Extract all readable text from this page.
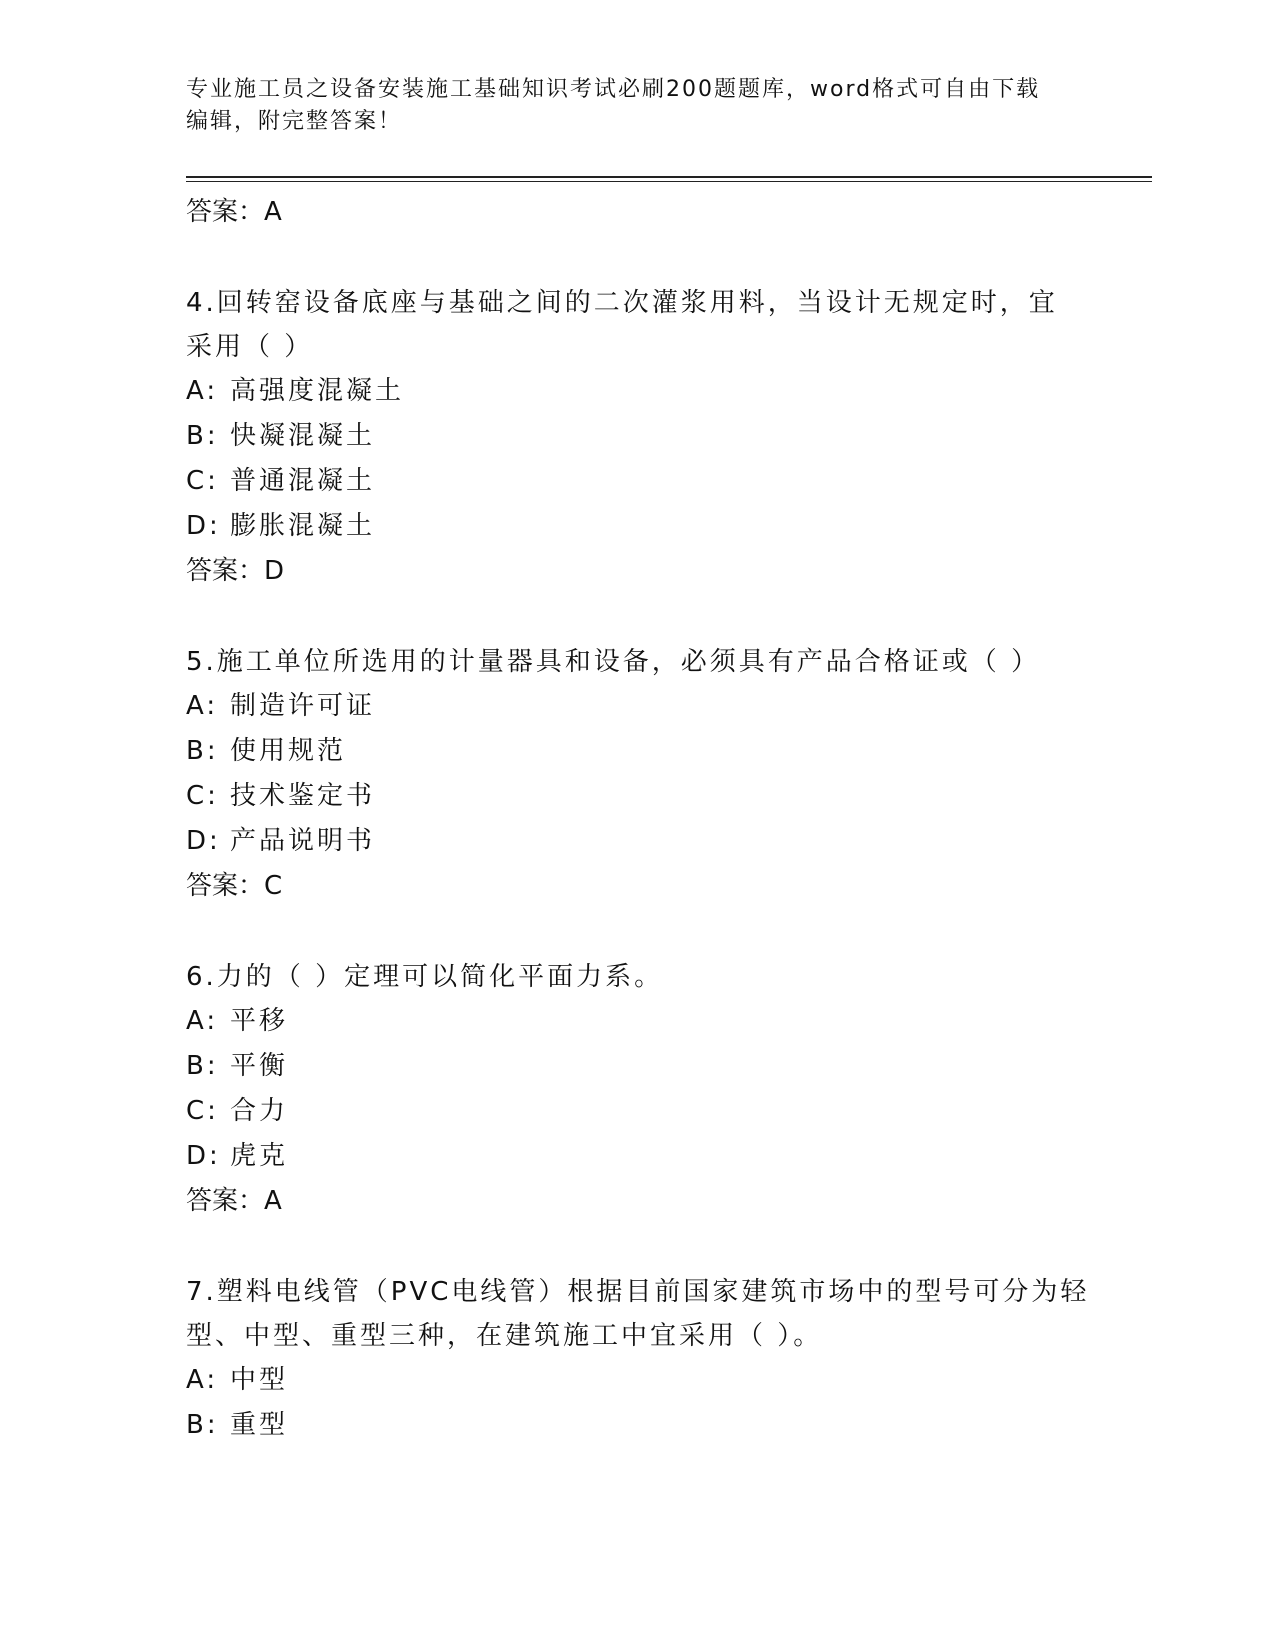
专业施工员之设备安装施工基础知识考试必刷200题题库，word格式可自由下载
编辑，附完整答案！
答案：A
4.回转窑设备底座与基础之间的二次灌浆用料，当设计无规定时，宜
采用（ ）
A: 高强度混凝土
B: 快凝混凝土
C: 普通混凝土
D: 膨胀混凝土
答案：D
5.施工单位所选用的计量器具和设备，必须具有产品合格证或（ ）
A: 制造许可证
B: 使用规范
C: 技术鉴定书
D: 产品说明书
答案：C
6.力的（ ）定理可以简化平面力系。
A: 平移
B: 平衡
C: 合力
D: 虎克
答案：A
7.塑料电线管（PVC电线管）根据目前国家建筑市场中的型号可分为轻
型、中型、重型三种，在建筑施工中宜采用（ ）。
A: 中型
B: 重型
